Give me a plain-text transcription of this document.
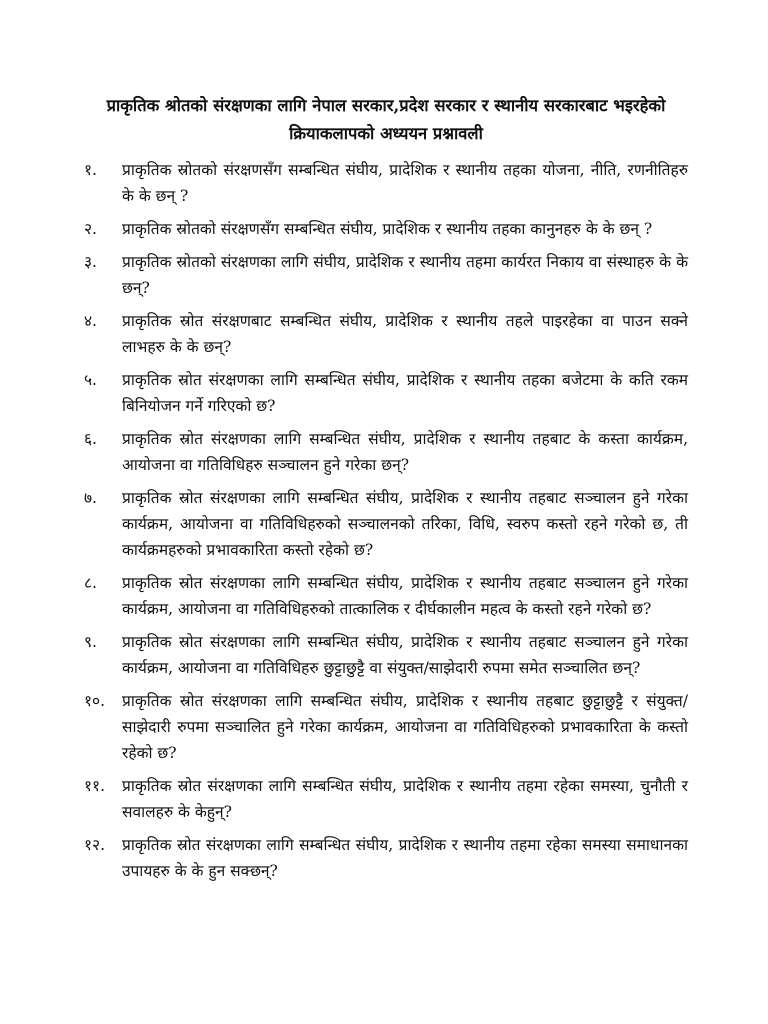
प्राकृतिक श्रोतको संरक्षणका लागि नेपाल सरकार,प्रदेश सरकार र स्थानीय सरकारबाट भइरहेको
क्रियाकलापको अध्ययन प्रश्नावली
१.	प्राकृतिक स्रोतको संरक्षणसँग सम्बन्धित संघीय, प्रादेशिक र स्थानीय तहका योजना, नीति, रणनीतिहरु के के छन् ?
२.	प्राकृतिक स्रोतको संरक्षणसँग सम्बन्धित संघीय, प्रादेशिक र स्थानीय तहका कानुनहरु के के छन् ?
३.	प्राकृतिक स्रोतको संरक्षणका लागि संघीय, प्रादेशिक र स्थानीय तहमा कार्यरत निकाय वा संस्थाहरु के के छन्?
४.	प्राकृतिक स्रोत संरक्षणबाट सम्बन्धित संघीय, प्रादेशिक र स्थानीय तहले पाइरहेका वा पाउन सक्ने लाभहरु के के छन्?
५.	प्राकृतिक स्रोत संरक्षणका लागि सम्बन्धित संघीय, प्रादेशिक र स्थानीय तहका बजेटमा के कति रकम बिनियोजन गर्ने गरिएको छ?
६.	प्राकृतिक स्रोत संरक्षणका लागि सम्बन्धित संघीय, प्रादेशिक र स्थानीय तहबाट के कस्ता कार्यक्रम, आयोजना वा गतिविधिहरु सञ्चालन हुने गरेका छन्?
७.	प्राकृतिक स्रोत संरक्षणका लागि सम्बन्धित संघीय, प्रादेशिक र स्थानीय तहबाट सञ्चालन हुने गरेका कार्यक्रम, आयोजना वा गतिविधिहरुको सञ्चालनको तरिका, विधि, स्वरुप कस्तो रहने गरेको छ, ती कार्यक्रमहरुको प्रभावकारिता कस्तो रहेको छ?
८.	प्राकृतिक स्रोत संरक्षणका लागि सम्बन्धित संघीय, प्रादेशिक र स्थानीय तहबाट सञ्चालन हुने गरेका कार्यक्रम, आयोजना वा गतिविधिहरुको तात्कालिक र दीर्घकालीन महत्व के कस्तो रहने गरेको छ?
९.	प्राकृतिक स्रोत संरक्षणका लागि सम्बन्धित संघीय, प्रादेशिक र स्थानीय तहबाट सञ्चालन हुने गरेका कार्यक्रम, आयोजना वा गतिविधिहरु छुट्टाछुट्टै वा संयुक्त/साझेदारी रुपमा समेत सञ्चालित छन्?
१०.	प्राकृतिक स्रोत संरक्षणका लागि सम्बन्धित संघीय, प्रादेशिक र स्थानीय तहबाट छुट्टाछुट्टै र संयुक्त/साझेदारी रुपमा सञ्चालित हुने गरेका कार्यक्रम, आयोजना वा गतिविधिहरुको प्रभावकारिता के कस्तो रहेको छ?
११.	प्राकृतिक स्रोत संरक्षणका लागि सम्बन्धित संघीय, प्रादेशिक र स्थानीय तहमा रहेका समस्या, चुनौती र सवालहरु के केहुन्?
१२.	प्राकृतिक स्रोत संरक्षणका लागि सम्बन्धित संघीय, प्रादेशिक र स्थानीय तहमा रहेका समस्या समाधानका उपायहरु के के हुन सक्छन्?
